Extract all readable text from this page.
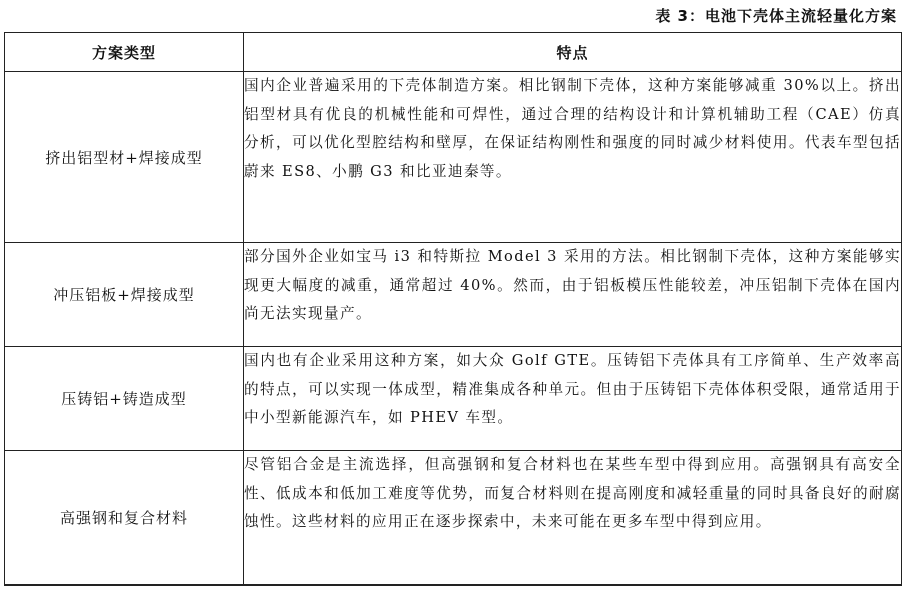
表 3：电池下壳体主流轻量化方案
方案类型	特点
挤出铝型材+焊接成型	国内企业普遍采用的下壳体制造方案。相比钢制下壳体，这种方案能够减重 30%以上。挤出铝型材具有优良的机械性能和可焊性，通过合理的结构设计和计算机辅助工程（CAE）仿真分析，可以优化型腔结构和壁厚，在保证结构刚性和强度的同时减少材料使用。代表车型包括蔚来 ES8、小鹏 G3 和比亚迪秦等。
冲压铝板+焊接成型	部分国外企业如宝马 i3 和特斯拉 Model 3 采用的方法。相比钢制下壳体，这种方案能够实现更大幅度的减重，通常超过 40%。然而，由于铝板模压性能较差，冲压铝制下壳体在国内尚无法实现量产。
压铸铝+铸造成型	国内也有企业采用这种方案，如大众 Golf GTE。压铸铝下壳体具有工序简单、生产效率高的特点，可以实现一体成型，精准集成各种单元。但由于压铸铝下壳体体积受限，通常适用于中小型新能源汽车，如 PHEV 车型。
高强钢和复合材料	尽管铝合金是主流选择，但高强钢和复合材料也在某些车型中得到应用。高强钢具有高安全性、低成本和低加工难度等优势，而复合材料则在提高刚度和减轻重量的同时具备良好的耐腐蚀性。这些材料的应用正在逐步探索中，未来可能在更多车型中得到应用。
